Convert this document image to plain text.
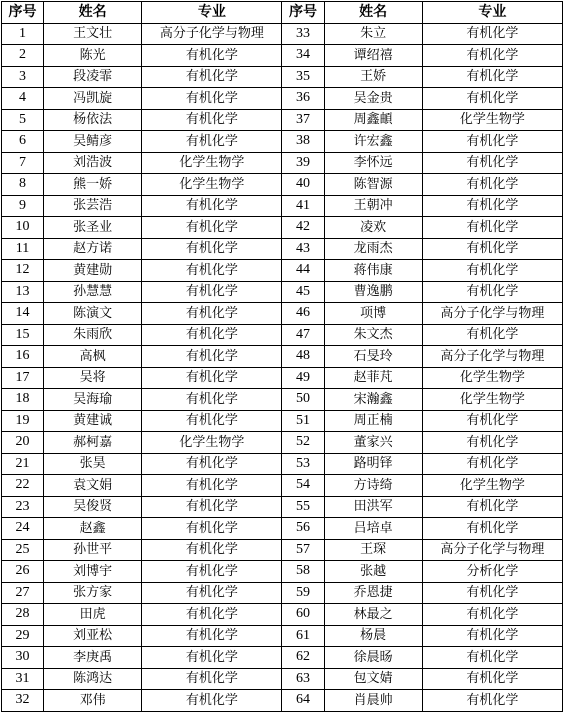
序号	姓名	专业	序号	姓名	专业
1	王文壮	高分子化学与物理	33	朱立	有机化学
2	陈光	有机化学	34	谭绍禧	有机化学
3	段凌霏	有机化学	35	王娇	有机化学
4	冯凯旋	有机化学	36	吴金贵	有机化学
5	杨依法	有机化学	37	周鑫頔	化学生物学
6	吴鲭彦	有机化学	38	许宏鑫	有机化学
7	刘浩波	化学生物学	39	李怀远	有机化学
8	熊一娇	化学生物学	40	陈智源	有机化学
9	张芸浩	有机化学	41	王朝冲	有机化学
10	张圣业	有机化学	42	凌欢	有机化学
11	赵方诺	有机化学	43	龙雨杰	有机化学
12	黄建勋	有机化学	44	蒋伟康	有机化学
13	孙慧慧	有机化学	45	曹逸鹏	有机化学
14	陈演文	有机化学	46	项博	高分子化学与物理
15	朱雨欣	有机化学	47	朱文杰	有机化学
16	高枫	有机化学	48	石旻玲	高分子化学与物理
17	吴将	有机化学	49	赵菲芃	化学生物学
18	吴海瑜	有机化学	50	宋瀚鑫	化学生物学
19	黄建诚	有机化学	51	周正楠	有机化学
20	郝柯嘉	化学生物学	52	董家兴	有机化学
21	张昊	有机化学	53	路明铎	有机化学
22	袁文娟	有机化学	54	方诗绮	化学生物学
23	吴俊贤	有机化学	55	田洪军	有机化学
24	赵鑫	有机化学	56	吕培卓	有机化学
25	孙世平	有机化学	57	王琛	高分子化学与物理
26	刘博宇	有机化学	58	张越	分析化学
27	张方家	有机化学	59	乔恩捷	有机化学
28	田虎	有机化学	60	林最之	有机化学
29	刘亚松	有机化学	61	杨晨	有机化学
30	李庚禹	有机化学	62	徐晨旸	有机化学
31	陈鸿达	有机化学	63	包文婧	有机化学
32	邓伟	有机化学	64	肖晨帅	有机化学
